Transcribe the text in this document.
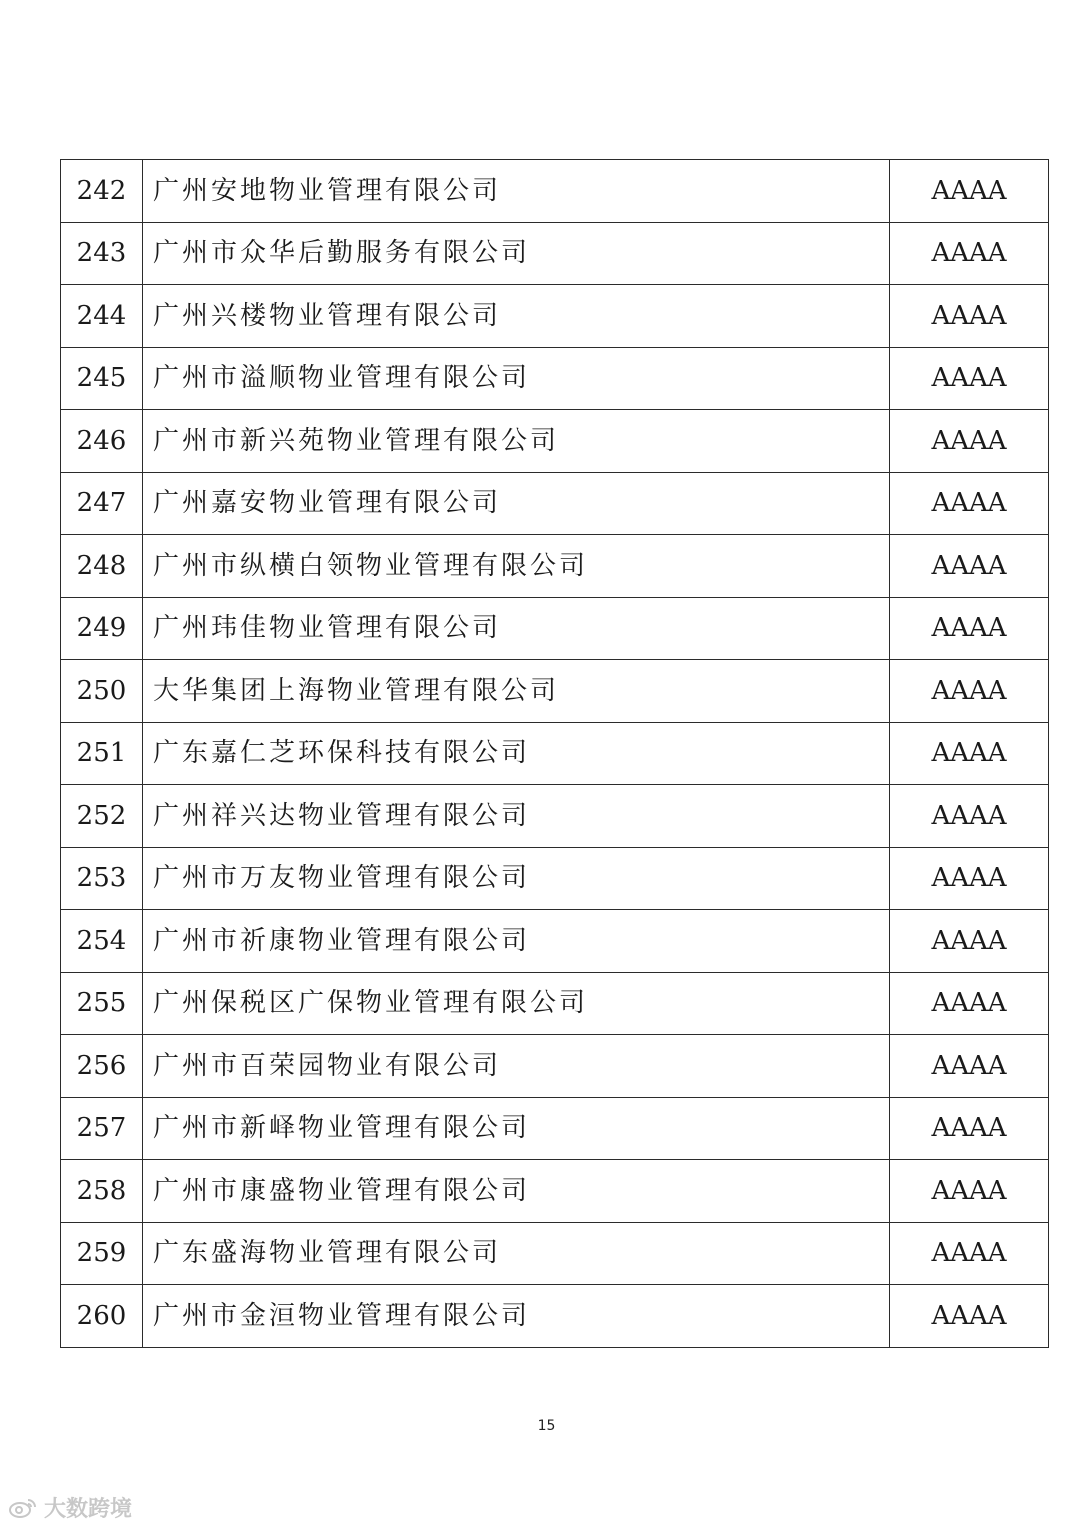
242	广州安地物业管理有限公司	AAAA
243	广州市众华后勤服务有限公司	AAAA
244	广州兴楼物业管理有限公司	AAAA
245	广州市溢顺物业管理有限公司	AAAA
246	广州市新兴苑物业管理有限公司	AAAA
247	广州嘉安物业管理有限公司	AAAA
248	广州市纵横白领物业管理有限公司	AAAA
249	广州玮佳物业管理有限公司	AAAA
250	大华集团上海物业管理有限公司	AAAA
251	广东嘉仁芝环保科技有限公司	AAAA
252	广州祥兴达物业管理有限公司	AAAA
253	广州市万友物业管理有限公司	AAAA
254	广州市祈康物业管理有限公司	AAAA
255	广州保税区广保物业管理有限公司	AAAA
256	广州市百荣园物业有限公司	AAAA
257	广州市新峄物业管理有限公司	AAAA
258	广州市康盛物业管理有限公司	AAAA
259	广东盛海物业管理有限公司	AAAA
260	广州市金洹物业管理有限公司	AAAA
15
大数跨境
